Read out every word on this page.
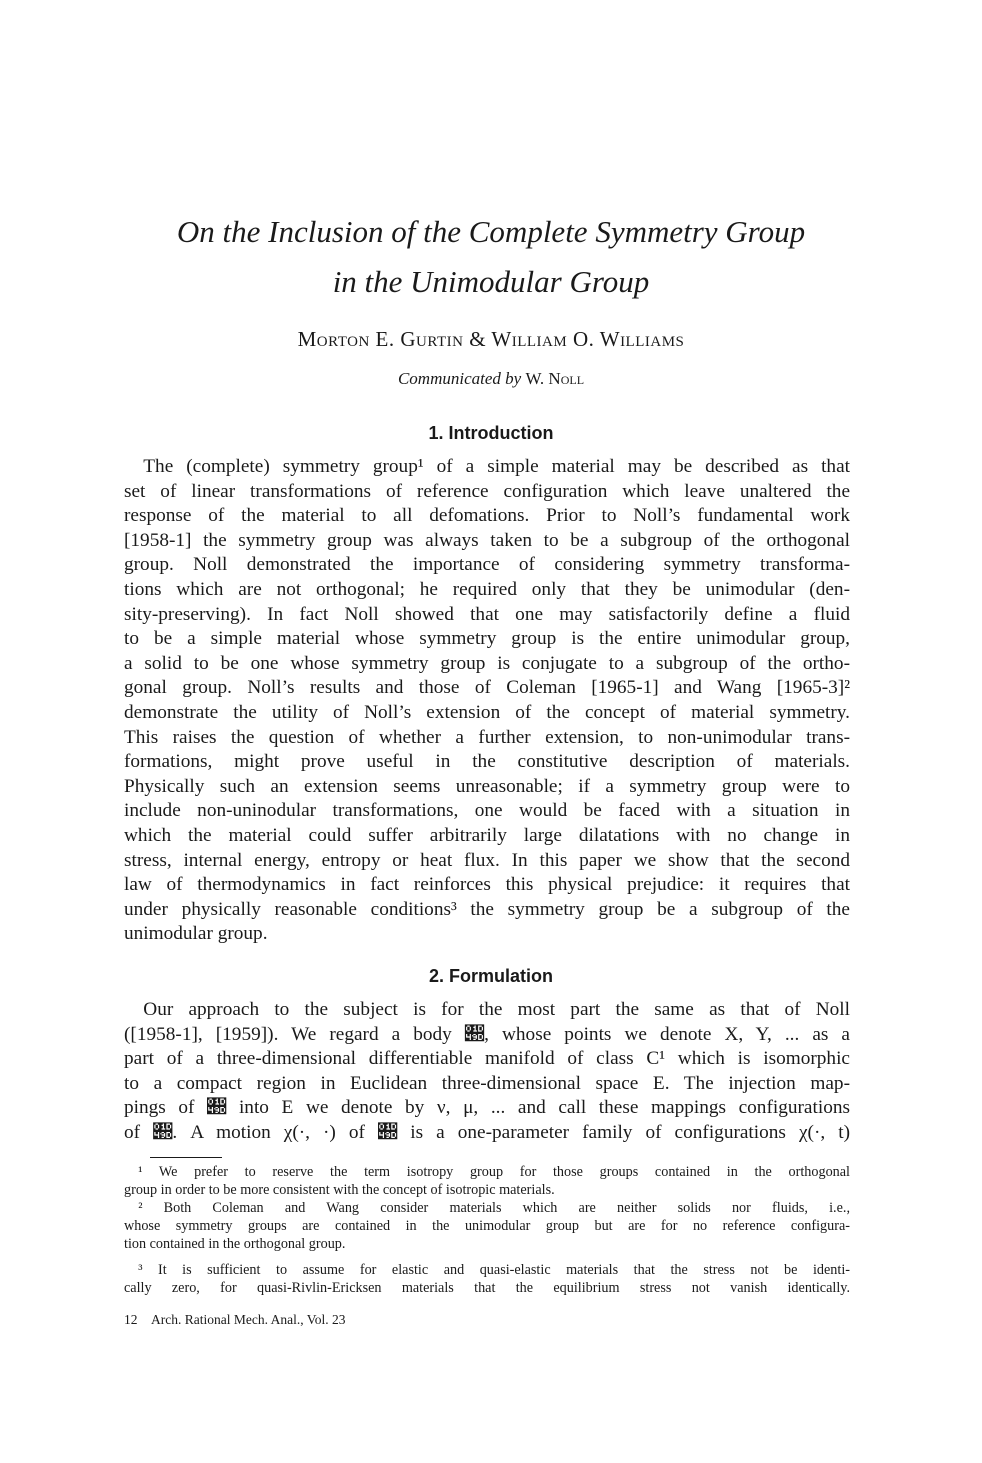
On the Inclusion of the Complete Symmetry Group
in the Unimodular Group
Morton E. Gurtin & William O. Williams
Communicated by W. Noll
1. Introduction
 The (complete) symmetry group¹ of a simple material may be described as that
set of linear transformations of reference configuration which leave unaltered the
response of the material to all defomations. Prior to Noll’s fundamental work
[1958-1] the symmetry group was always taken to be a subgroup of the orthogonal
group. Noll demonstrated the importance of considering symmetry transforma-
tions which are not orthogonal; he required only that they be unimodular (den-
sity-preserving). In fact Noll showed that one may satisfactorily define a fluid
to be a simple material whose symmetry group is the entire unimodular group,
a solid to be one whose symmetry group is conjugate to a subgroup of the ortho-
gonal group. Noll’s results and those of Coleman [1965-1] and Wang [1965-3]²
demonstrate the utility of Noll’s extension of the concept of material symmetry.
This raises the question of whether a further extension, to non-unimodular trans-
formations, might prove useful in the constitutive description of materials.
Physically such an extension seems unreasonable; if a symmetry group were to
include non-uninodular transformations, one would be faced with a situation in
which the material could suffer arbitrarily large dilatations with no change in
stress, internal energy, entropy or heat flux. In this paper we show that the second
law of thermodynamics in fact reinforces this physical prejudice: it requires that
under physically reasonable conditions³ the symmetry group be a subgroup of the
unimodular group.
2. Formulation
 Our approach to the subject is for the most part the same as that of Noll
([1958-1], [1959]). We regard a body 𝒝, whose points we denote X, Y, ... as a
part of a three-dimensional differentiable manifold of class C¹ which is isomorphic
to a compact region in Euclidean three-dimensional space E. The injection map-
pings of 𝒝 into E we denote by ν, μ, ... and call these mappings configurations
of 𝒝. A motion χ(·, ·) of 𝒝 is a one-parameter family of configurations χ(·, t)
 ¹ We prefer to reserve the term isotropy group for those groups contained in the orthogonal
group in order to be more consistent with the concept of isotropic materials.
 ² Both Coleman and Wang consider materials which are neither solids nor fluids, i.e.,
whose symmetry groups are contained in the unimodular group but are for no reference configura-
tion contained in the orthogonal group.
 ³ It is sufficient to assume for elastic and quasi-elastic materials that the stress not be identi-
cally zero, for quasi-Rivlin-Ericksen materials that the equilibrium stress not vanish identically.
12 Arch. Rational Mech. Anal., Vol. 23
